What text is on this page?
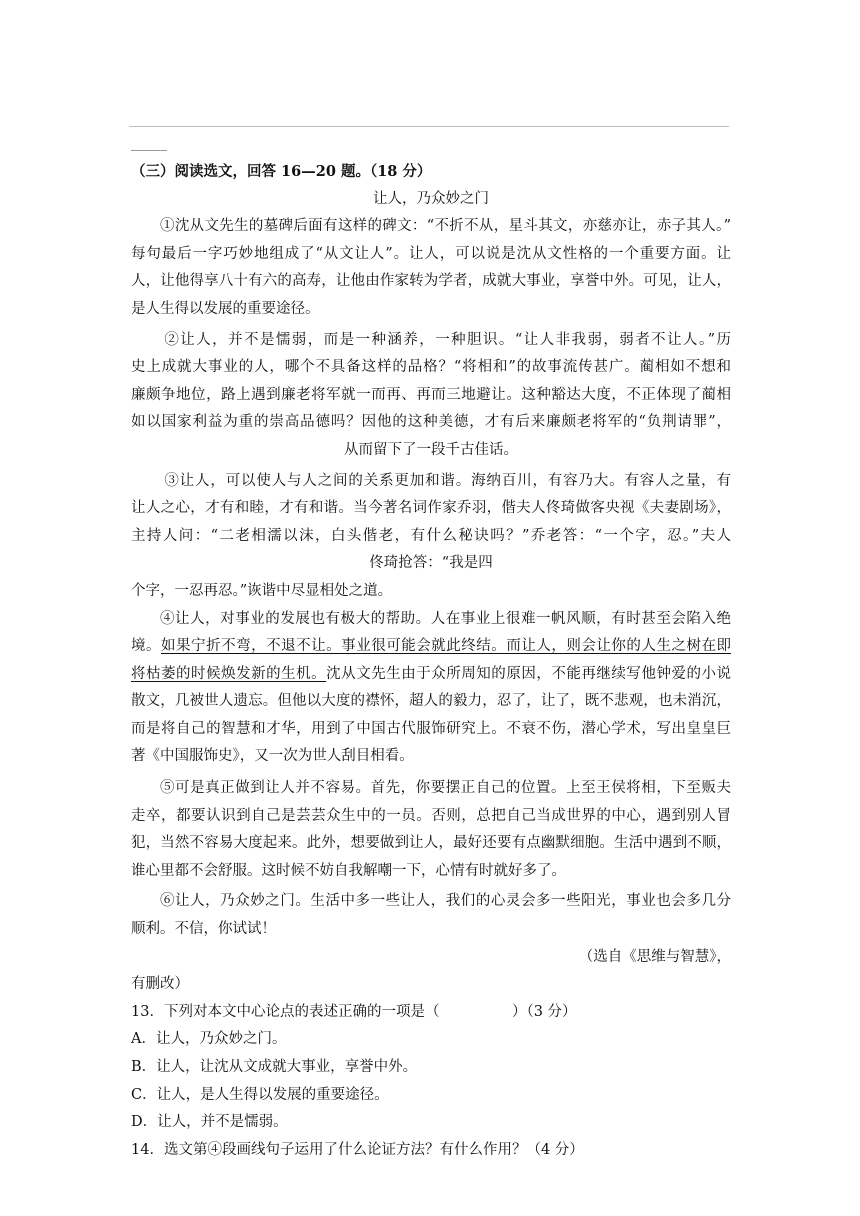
（三）阅读选文，回答 16—20 题。（18 分）
让人，乃众妙之门
①沈从文先生的墓碑后面有这样的碑文：“不折不从，星斗其文，亦慈亦让，赤子其人。”
每句最后一字巧妙地组成了“从文让人”。让人，可以说是沈从文性格的一个重要方面。让
人，让他得享八十有六的高寿，让他由作家转为学者，成就大事业，享誉中外。可见，让人，
是人生得以发展的重要途径。
②让人，并不是懦弱，而是一种涵养，一种胆识。“让人非我弱，弱者不让人。”历
史上成就大事业的人，哪个不具备这样的品格？“将相和”的故事流传甚广。蔺相如不想和
廉颇争地位，路上遇到廉老将军就一而再、再而三地避让。这种豁达大度，不正体现了蔺相
如以国家利益为重的崇高品德吗？因他的这种美德，才有后来廉颇老将军的“负荆请罪”，
从而留下了一段千古佳话。
③让人，可以使人与人之间的关系更加和谐。海纳百川，有容乃大。有容人之量，有
让人之心，才有和睦，才有和谐。当今著名词作家乔羽，偕夫人佟琦做客央视《夫妻剧场》，
主持人问：“二老相濡以沫，白头偕老，有什么秘诀吗？”乔老答：“一个字，忍。”夫人
佟琦抢答：“我是四
个字，一忍再忍。”诙谐中尽显相处之道。
④让人，对事业的发展也有极大的帮助。人在事业上很难一帆风顺，有时甚至会陷入绝
境。如果宁折不弯，不退不让。事业很可能会就此终结。而让人，则会让你的人生之树在即
将枯萎的时候焕发新的生机。沈从文先生由于众所周知的原因，不能再继续写他钟爱的小说
散文，几被世人遗忘。但他以大度的襟怀，超人的毅力，忍了，让了，既不悲观，也未消沉，
而是将自己的智慧和才华，用到了中国古代服饰研究上。不衰不伤，潜心学术，写出皇皇巨
著《中国服饰史》，又一次为世人刮目相看。
⑤可是真正做到让人并不容易。首先，你要摆正自己的位置。上至王侯将相，下至贩夫
走卒，都要认识到自己是芸芸众生中的一员。否则，总把自己当成世界的中心，遇到别人冒
犯，当然不容易大度起来。此外，想要做到让人，最好还要有点幽默细胞。生活中遇到不顺，
谁心里都不会舒服。这时候不妨自我解嘲一下，心情有时就好多了。
⑥让人，乃众妙之门。生活中多一些让人，我们的心灵会多一些阳光，事业也会多几分
顺利。不信，你试试！
（选自《思维与智慧》，
有删改）
13．下列对本文中心论点的表述正确的一项是（　　　　　）（3 分）
A．让人，乃众妙之门。
B．让人，让沈从文成就大事业，享誉中外。
C．让人，是人生得以发展的重要途径。
D．让人，并不是懦弱。
14．选文第④段画线句子运用了什么论证方法？有什么作用？（4 分）
